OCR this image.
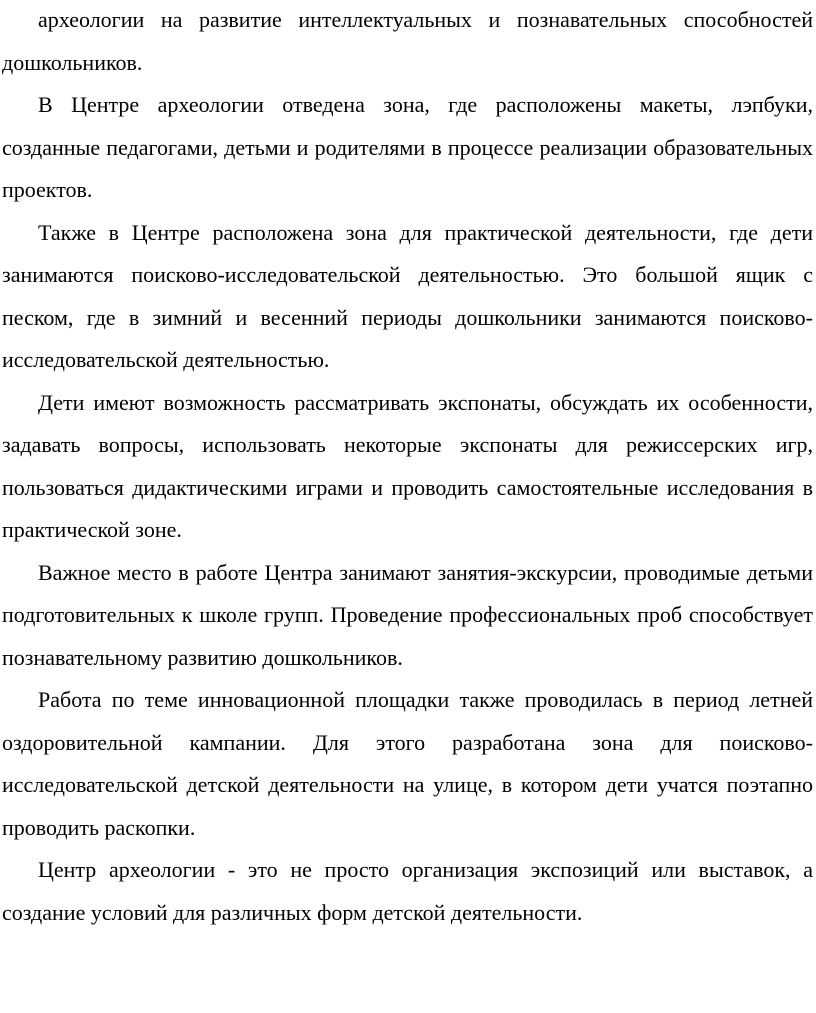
археологии на развитие интеллектуальных и познавательных способностей дошкольников.

В Центре археологии отведена зона, где расположены макеты, лэпбуки, созданные педагогами, детьми и родителями в процессе реализации образовательных проектов.

Также в Центре расположена зона для практической деятельности, где дети занимаются поисково-исследовательской деятельностью. Это большой ящик с песком, где в зимний и весенний периоды дошкольники занимаются поисково-исследовательской деятельностью.

Дети имеют возможность рассматривать экспонаты, обсуждать их особенности, задавать вопросы, использовать некоторые экспонаты для режиссерских игр, пользоваться дидактическими играми и проводить самостоятельные исследования в практической зоне.

Важное место в работе Центра занимают занятия-экскурсии, проводимые детьми подготовительных к школе групп. Проведение профессиональных проб способствует познавательному развитию дошкольников.

Работа по теме инновационной площадки также проводилась в период летней оздоровительной кампании. Для этого разработана зона для поисково-исследовательской детской деятельности на улице, в котором дети учатся поэтапно проводить раскопки.

Центр археологии - это не просто организация экспозиций или выставок, а создание условий для различных форм детской деятельности.
